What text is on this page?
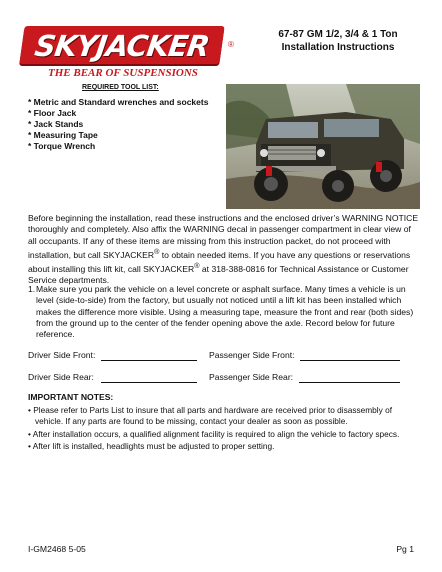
SKYJACKER	®
THE BEAR OF SUSPENSIONS
67-87 GM 1/2, 3/4 & 1 Ton
Installation Instructions
REQUIRED TOOL LIST:
* Metric and Standard wrenches and sockets
* Floor Jack
* Jack Stands
* Measuring Tape
* Torque Wrench
Before beginning the installation, read these instructions and the enclosed driver’s WARNING NOTICE thoroughly and completely. Also affix the WARNING decal in passenger compartment in clear view of all occupants. If any of these items are missing from this instruction packet, do not proceed with installation, but call SKYJACKER® to obtain needed items. If you have any questions or reservations about installing this lift kit, call SKYJACKER® at 318-388-0816 for Technical Assistance or Customer Service departments.
1. Make sure you park the vehicle on a level concrete or asphalt surface. Many times a vehicle is un level (side-to-side) from the factory, but usually not noticed until a lift kit has been installed which makes the difference more visible. Using a measuring tape, measure the front and rear (both sides) from the ground up to the center of the fender opening above the axle. Record below for future reference.
Driver Side Front:	Passenger Side Front:
Driver Side Rear:	Passenger Side Rear:
IMPORTANT NOTES:
• Please refer to Parts List to insure that all parts and hardware are received prior to disassembly of vehicle. If any parts are found to be missing, contact your dealer as soon as possible.
• After installation occurs, a qualified alignment facility is required to align the vehicle to factory specs.
• After lift is installed, headlights must be adjusted to proper setting.
I-GM2468 5-05	Pg 1
